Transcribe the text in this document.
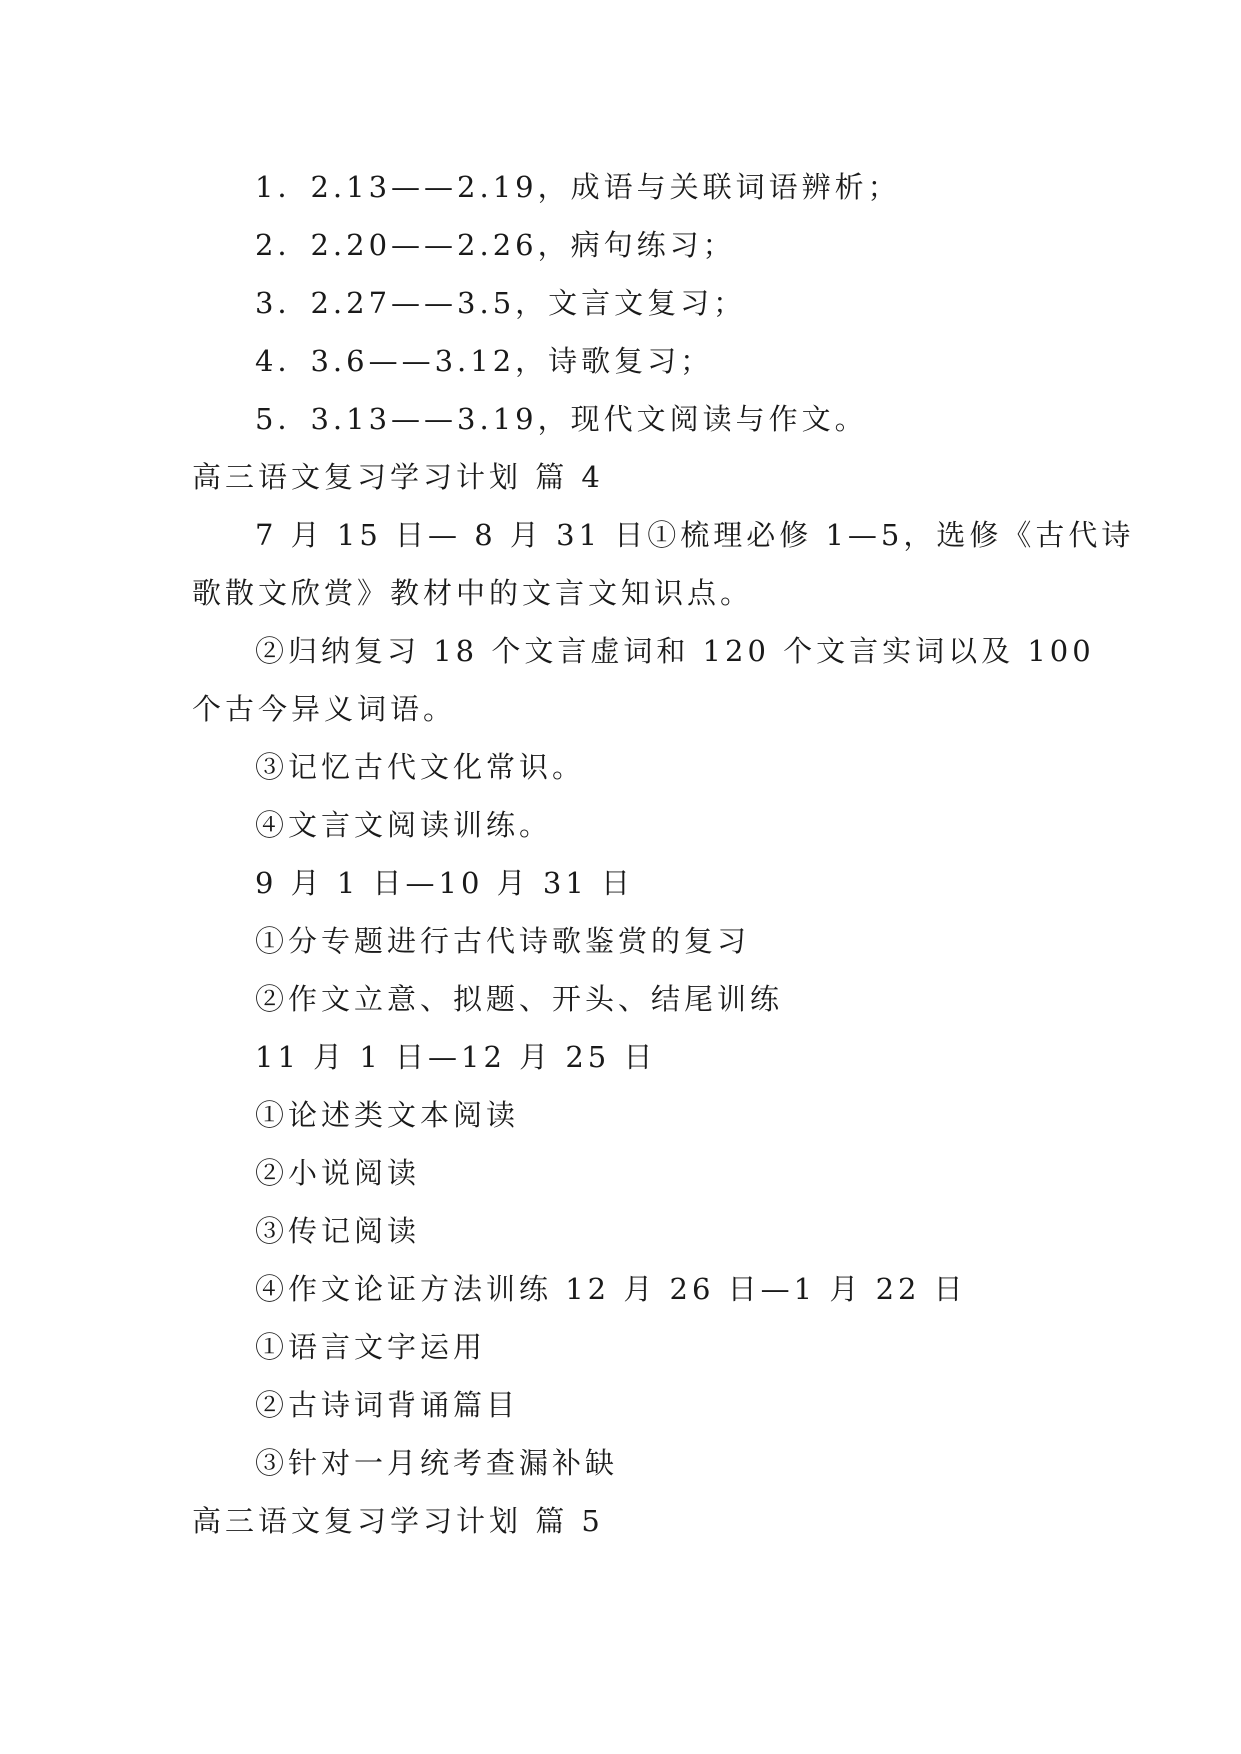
1．2.13——2.19，成语与关联词语辨析；
2．2.20——2.26，病句练习；
3．2.27——3.5，文言文复习；
4．3.6——3.12，诗歌复习；
5．3.13——3.19，现代文阅读与作文。
高三语文复习学习计划 篇 4
7 月 15 日— 8 月 31 日①梳理必修 1—5，选修《古代诗
歌散文欣赏》教材中的文言文知识点。
②归纳复习 18 个文言虚词和 120 个文言实词以及 100
个古今异义词语。
③记忆古代文化常识。
④文言文阅读训练。
9 月 1 日—10 月 31 日
①分专题进行古代诗歌鉴赏的复习
②作文立意、拟题、开头、结尾训练
11 月 1 日—12 月 25 日
①论述类文本阅读
②小说阅读
③传记阅读
④作文论证方法训练 12 月 26 日—1 月 22 日
①语言文字运用
②古诗词背诵篇目
③针对一月统考查漏补缺
高三语文复习学习计划 篇 5
